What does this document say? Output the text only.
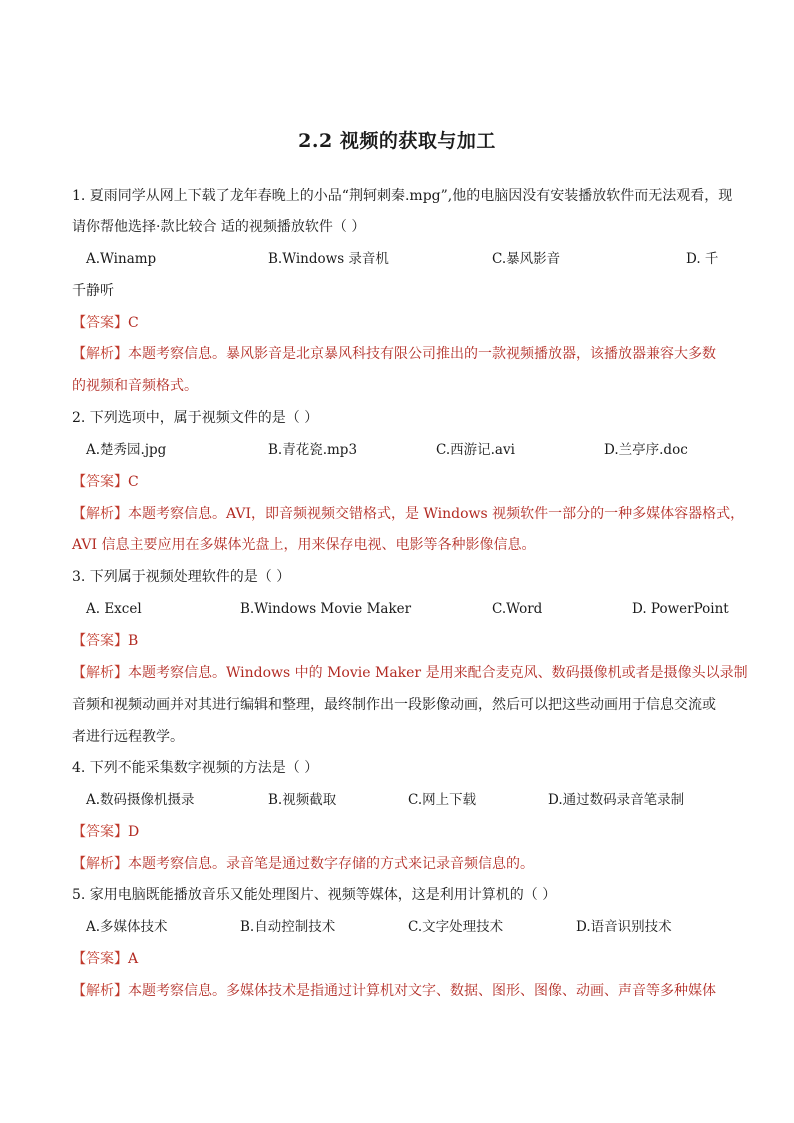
2.2 视频的获取与加工
1. 夏雨同学从网上下载了龙年春晚上的小品“荆轲刺秦.mpg”,他的电脑因没有安装播放软件而无法观看，现
请你帮他选择·款比较合 适的视频播放软件（ ）
A.Winamp	B.Windows 录音机	C.暴风影音	D. 千
千静听
【答案】C
【解析】本题考察信息。暴风影音是北京暴风科技有限公司推出的一款视频播放器，该播放器兼容大多数
的视频和音频格式。
2. 下列选项中，属于视频文件的是（ ）
A.楚秀园.jpg	B.青花瓷.mp3	C.西游记.avi	D.兰亭序.doc
【答案】C
【解析】本题考察信息。AVI，即音频视频交错格式，是 Windows 视频软件一部分的一种多媒体容器格式，
AVI 信息主要应用在多媒体光盘上，用来保存电视、电影等各种影像信息。
3. 下列属于视频处理软件的是（ ）
A. Excel	B.Windows Movie Maker	C.Word	D. PowerPoint
【答案】B
【解析】本题考察信息。Windows 中的 Movie Maker 是用来配合麦克风、数码摄像机或者是摄像头以录制
音频和视频动画并对其进行编辑和整理，最终制作出一段影像动画，然后可以把这些动画用于信息交流或
者进行远程教学。
4. 下列不能采集数字视频的方法是（ ）
A.数码摄像机摄录	B.视频截取	C.网上下载	D.通过数码录音笔录制
【答案】D
【解析】本题考察信息。录音笔是通过数字存储的方式来记录音频信息的。
5. 家用电脑既能播放音乐又能处理图片、视频等媒体，这是利用计算机的（ ）
A.多媒体技术	B.自动控制技术	C.文字处理技术	D.语音识别技术
【答案】A
【解析】本题考察信息。多媒体技术是指通过计算机对文字、数据、图形、图像、动画、声音等多种媒体
